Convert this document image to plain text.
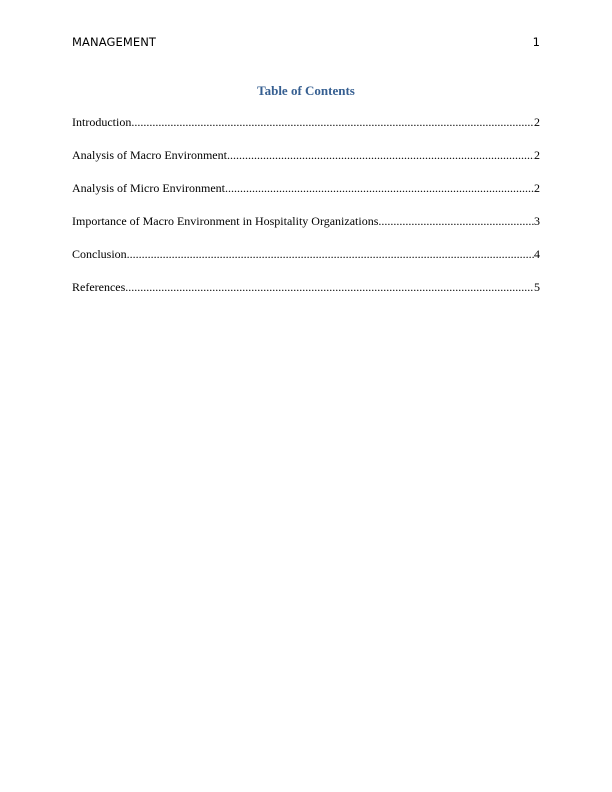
MANAGEMENT	1
Table of Contents
Introduction .....	2
Analysis of Macro Environment .....	2
Analysis of Micro Environment .....	2
Importance of Macro Environment in Hospitality Organizations .....	3
Conclusion .....	4
References .....	5
